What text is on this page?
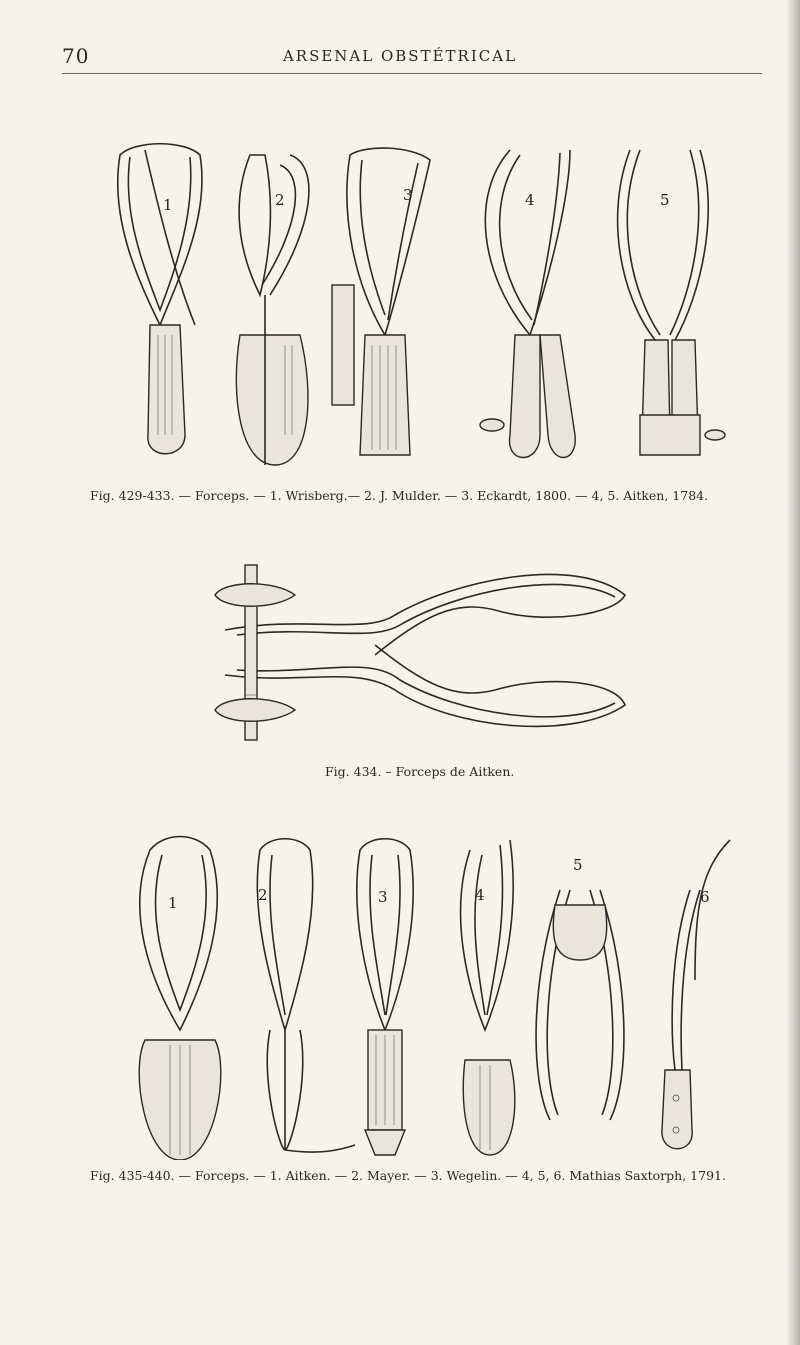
70	ARSENAL OBSTÉTRICAL
1	2	3	4	5
Fig. 429-433. — Forceps. — 1. Wrisberg.— 2. J. Mulder. — 3. Eckardt, 1800. — 4, 5. Aitken, 1784.
Fig. 434. – Forceps de Aitken.
1	2	3	4
5
6
Fig. 435-440. — Forceps. — 1. Aitken. — 2. Mayer. — 3. Wegelin. — 4, 5, 6. Mathias Saxtorph, 1791.
